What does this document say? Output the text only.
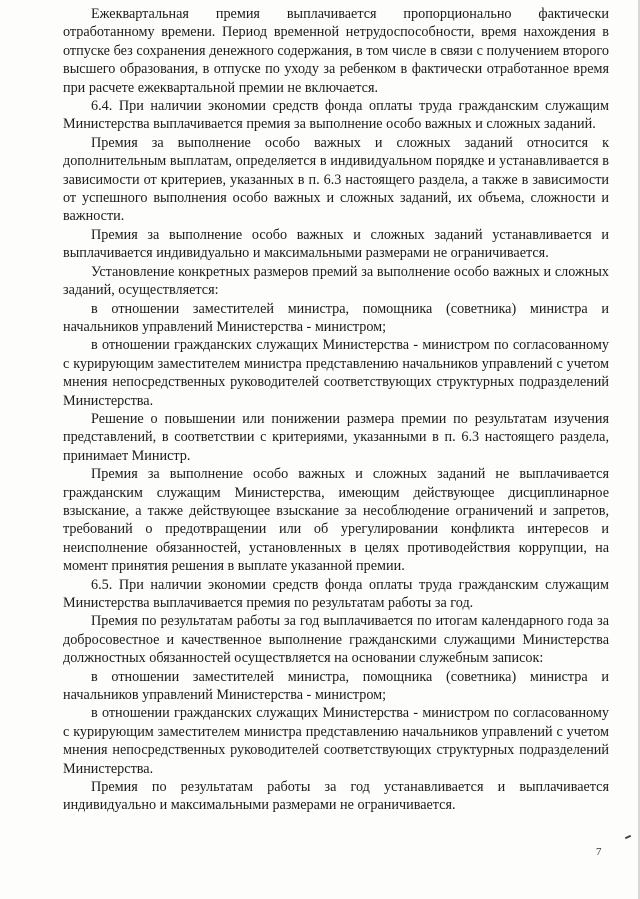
Ежеквартальная премия выплачивается пропорционально фактически отработанному времени. Период временной нетрудоспособности, время нахождения в отпуске без сохранения денежного содержания, в том числе в связи с получением второго высшего образования, в отпуске по уходу за ребенком в фактически отработанное время при расчете ежеквартальной премии не включается.

6.4. При наличии экономии средств фонда оплаты труда гражданским служащим Министерства выплачивается премия за выполнение особо важных и сложных заданий.

Премия за выполнение особо важных и сложных заданий относится к дополнительным выплатам, определяется в индивидуальном порядке и устанавливается в зависимости от критериев, указанных в п. 6.3 настоящего раздела, а также в зависимости от успешного выполнения особо важных и сложных заданий, их объема, сложности и важности.

Премия за выполнение особо важных и сложных заданий устанавливается и выплачивается индивидуально и максимальными размерами не ограничивается.

Установление конкретных размеров премий за выполнение особо важных и сложных заданий, осуществляется:

в отношении заместителей министра, помощника (советника) министра и начальников управлений Министерства - министром;

в отношении гражданских служащих Министерства - министром по согласованному с курирующим заместителем министра представлению начальников управлений с учетом мнения непосредственных руководителей соответствующих структурных подразделений Министерства.

Решение о повышении или понижении размера премии по результатам изучения представлений, в соответствии с критериями, указанными в п. 6.3 настоящего раздела, принимает Министр.

Премия за выполнение особо важных и сложных заданий не выплачивается гражданским служащим Министерства, имеющим действующее дисциплинарное взыскание, а также действующее взыскание за несоблюдение ограничений и запретов, требований о предотвращении или об урегулировании конфликта интересов и неисполнение обязанностей, установленных в целях противодействия коррупции, на момент принятия решения в выплате указанной премии.

6.5. При наличии экономии средств фонда оплаты труда гражданским служащим Министерства выплачивается премия по результатам работы за год.

Премия по результатам работы за год выплачивается по итогам календарного года за добросовестное и качественное выполнение гражданскими служащими Министерства должностных обязанностей осуществляется на основании служебным записок:

в отношении заместителей министра, помощника (советника) министра и начальников управлений Министерства - министром;

в отношении гражданских служащих Министерства - министром по согласованному с курирующим заместителем министра представлению начальников управлений с учетом мнения непосредственных руководителей соответствующих структурных подразделений Министерства.

Премия по результатам работы за год устанавливается и выплачивается индивидуально и максимальными размерами не ограничивается.

7
